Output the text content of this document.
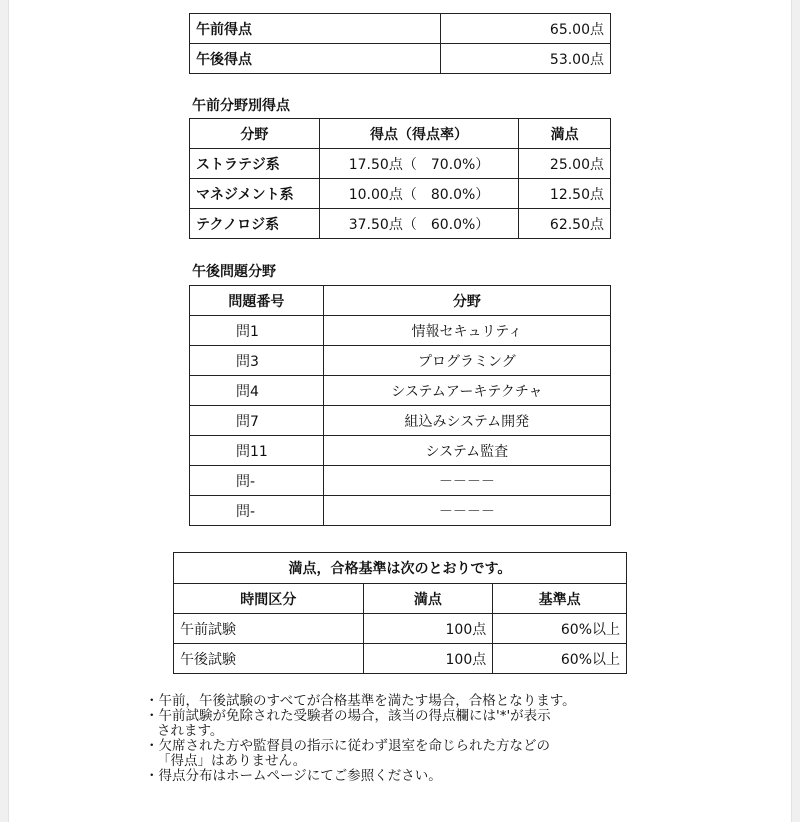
午前得点	65.00点
午後得点	53.00点
午前分野別得点
分野	得点（得点率）	満点
ストラテジ系	17.50点（　70.0%）	25.00点
マネジメント系	10.00点（　80.0%）	12.50点
テクノロジ系	37.50点（　60.0%）	62.50点
午後問題分野
問題番号	分野
問1	情報セキュリティ
問3	プログラミング
問4	システムアーキテクチャ
問7	組込みシステム開発
問11	システム監査
問-	－－－－
問-	－－－－
満点，合格基準は次のとおりです。		
時間区分	満点	基準点
午前試験	100点	60%以上
午後試験	100点	60%以上
・午前，午後試験のすべてが合格基準を満たす場合，合格となります。
・午前試験が免除された受験者の場合，該当の得点欄には'*'が表示
されます。
・欠席された方や監督員の指示に従わず退室を命じられた方などの
「得点」はありません。
・得点分布はホームページにてご参照ください。
